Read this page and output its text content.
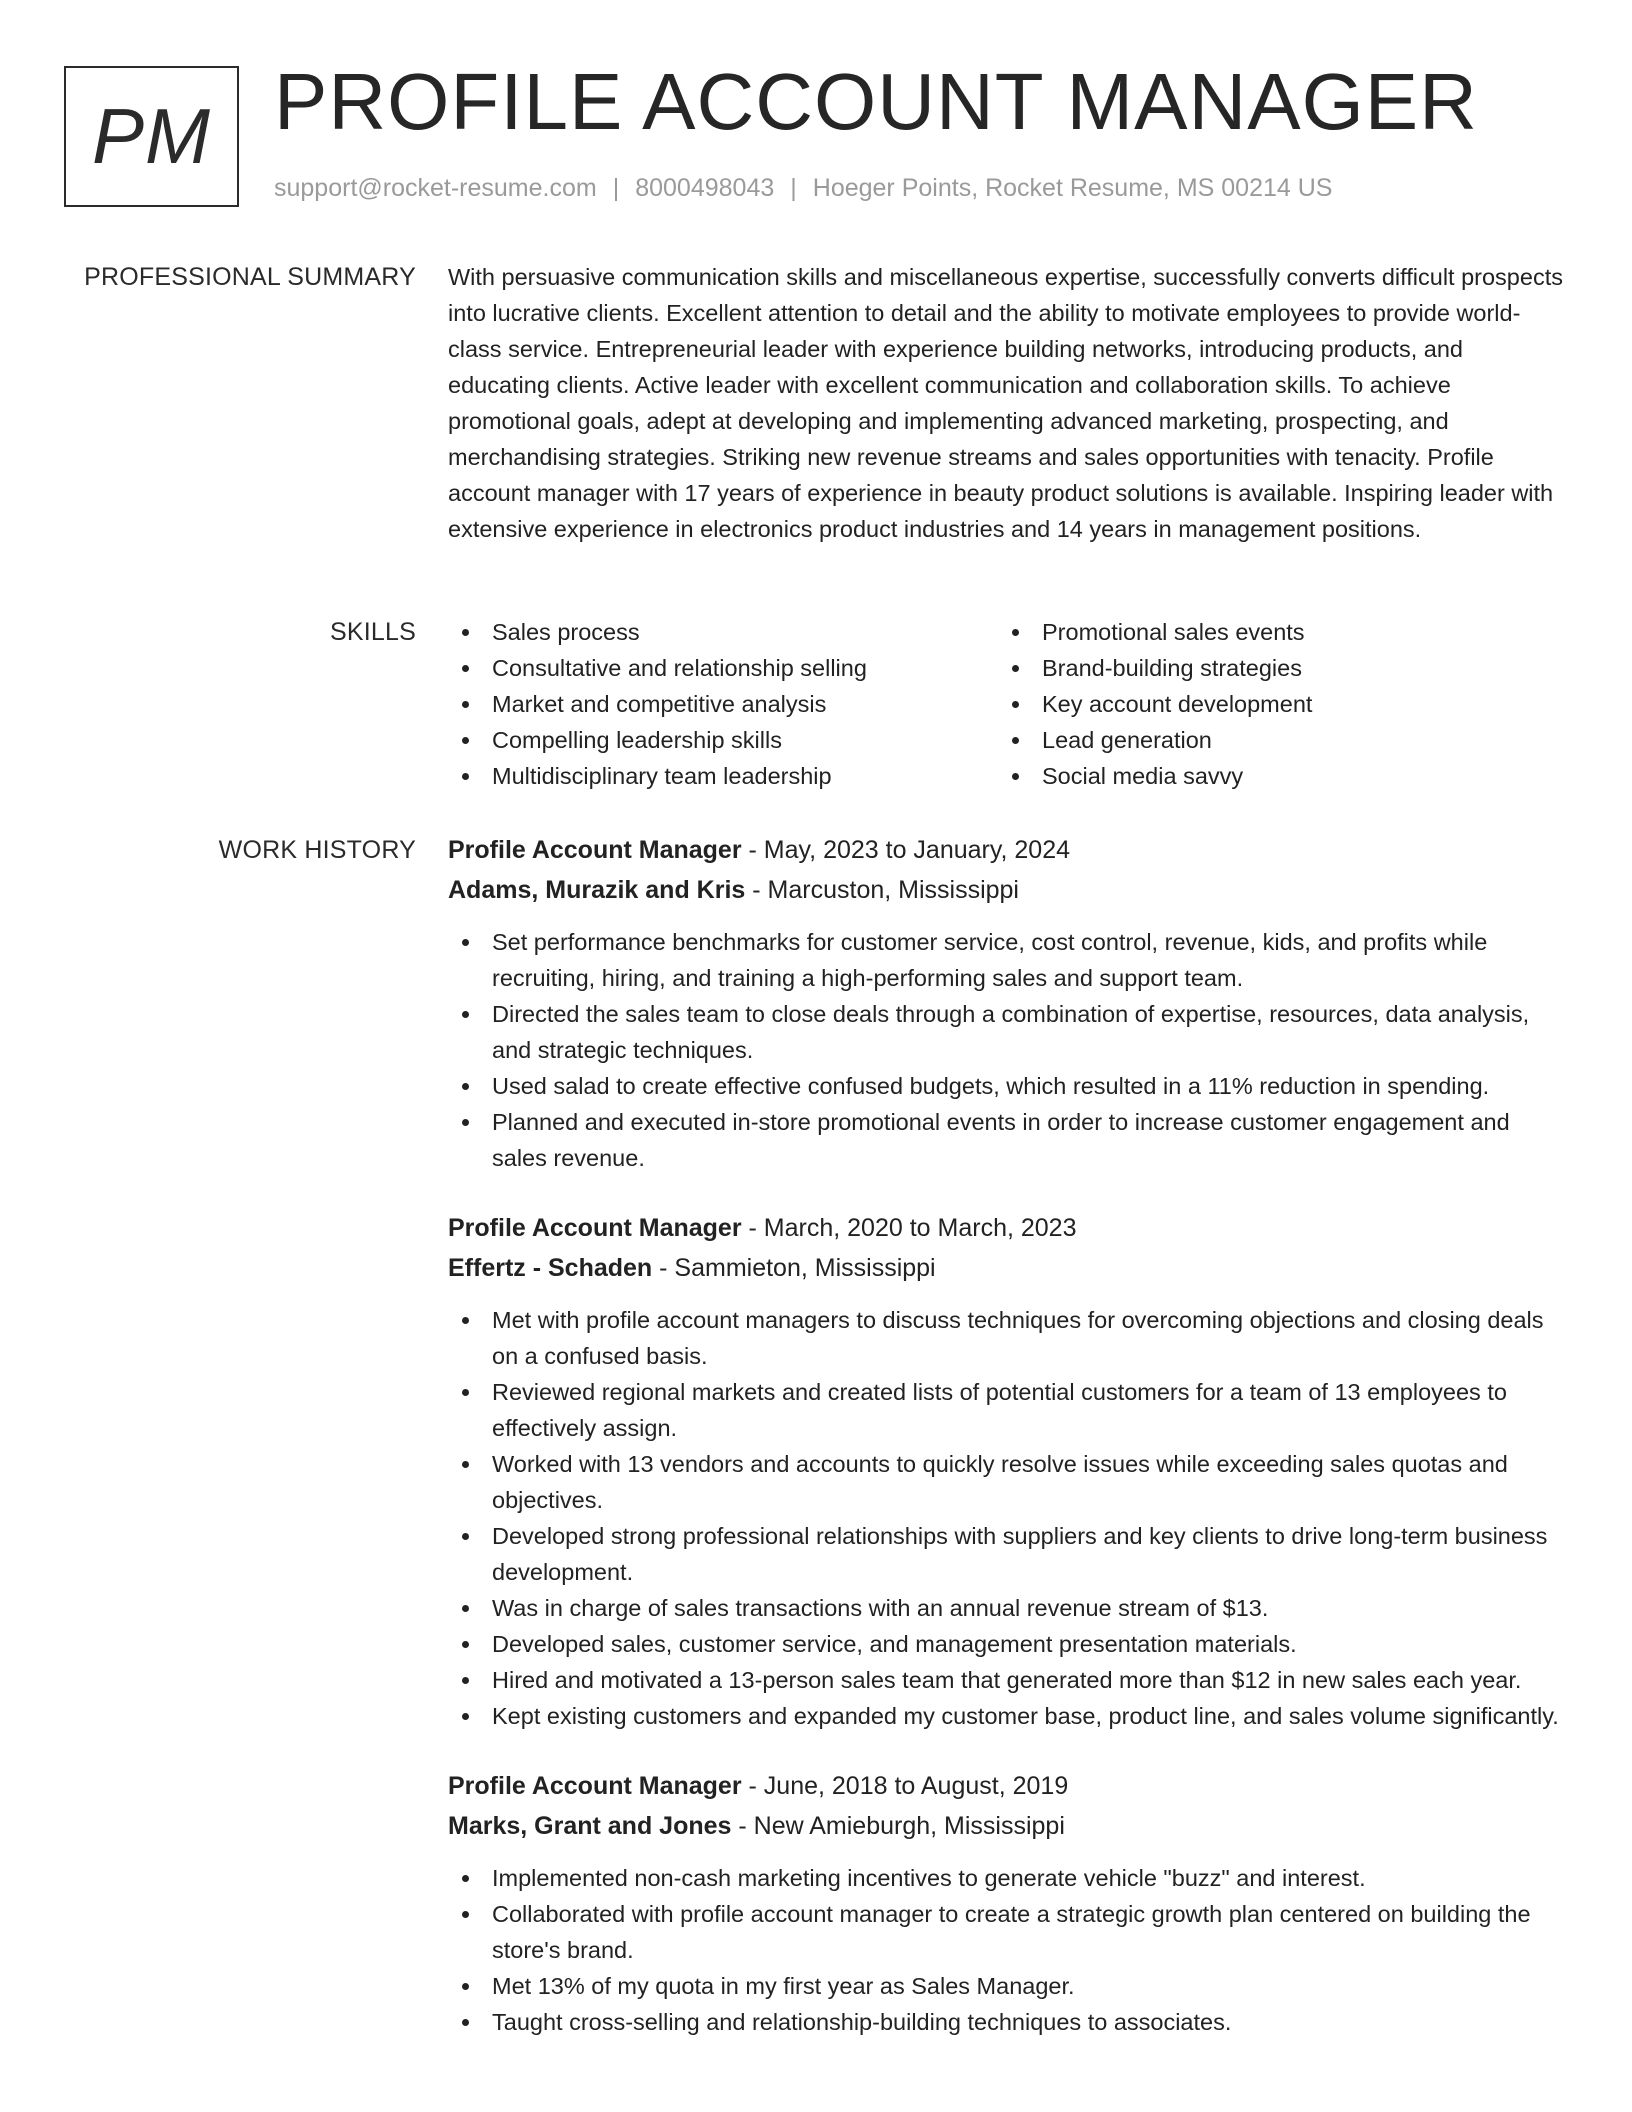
PM PROFILE ACCOUNT MANAGER
support@rocket-resume.com | 8000498043 | Hoeger Points, Rocket Resume, MS 00214 US
PROFESSIONAL SUMMARY With persuasive communication skills and miscellaneous expertise, successfully converts difficult prospects into lucrative clients. Excellent attention to detail and the ability to motivate employees to provide world-class service. Entrepreneurial leader with experience building networks, introducing products, and educating clients. Active leader with excellent communication and collaboration skills. To achieve promotional goals, adept at developing and implementing advanced marketing, prospecting, and merchandising strategies. Striking new revenue streams and sales opportunities with tenacity. Profile account manager with 17 years of experience in beauty product solutions is available. Inspiring leader with extensive experience in electronics product industries and 14 years in management positions.

SKILLS	Sales process
Consultative and relationship selling
Market and competitive analysis
Compelling leadership skills
Multidisciplinary team leadership
Promotional sales events
Brand-building strategies
Key account development
Lead generation
Social media savvy
WORK HISTORY Profile Account Manager - May, 2023 to January, 2024
Adams, Murazik and Kris - Marcuston, Mississippi
Set performance benchmarks for customer service, cost control, revenue, kids, and profits while recruiting, hiring, and training a high-performing sales and support team.
Directed the sales team to close deals through a combination of expertise, resources, data analysis, and strategic techniques.
Used salad to create effective confused budgets, which resulted in a 11% reduction in spending.
Planned and executed in-store promotional events in order to increase customer engagement and sales revenue.
Profile Account Manager - March, 2020 to March, 2023
Effertz - Schaden - Sammieton, Mississippi
Met with profile account managers to discuss techniques for overcoming objections and closing deals on a confused basis.
Reviewed regional markets and created lists of potential customers for a team of 13 employees to effectively assign.
Worked with 13 vendors and accounts to quickly resolve issues while exceeding sales quotas and objectives.
Developed strong professional relationships with suppliers and key clients to drive long-term business development.
Was in charge of sales transactions with an annual revenue stream of $13.
Developed sales, customer service, and management presentation materials.
Hired and motivated a 13-person sales team that generated more than $12 in new sales each year.
Kept existing customers and expanded my customer base, product line, and sales volume significantly.
Profile Account Manager - June, 2018 to August, 2019
Marks, Grant and Jones - New Amieburgh, Mississippi
Implemented non-cash marketing incentives to generate vehicle "buzz" and interest.
Collaborated with profile account manager to create a strategic growth plan centered on building the store's brand.
Met 13% of my quota in my first year as Sales Manager.
Taught cross-selling and relationship-building techniques to associates.
